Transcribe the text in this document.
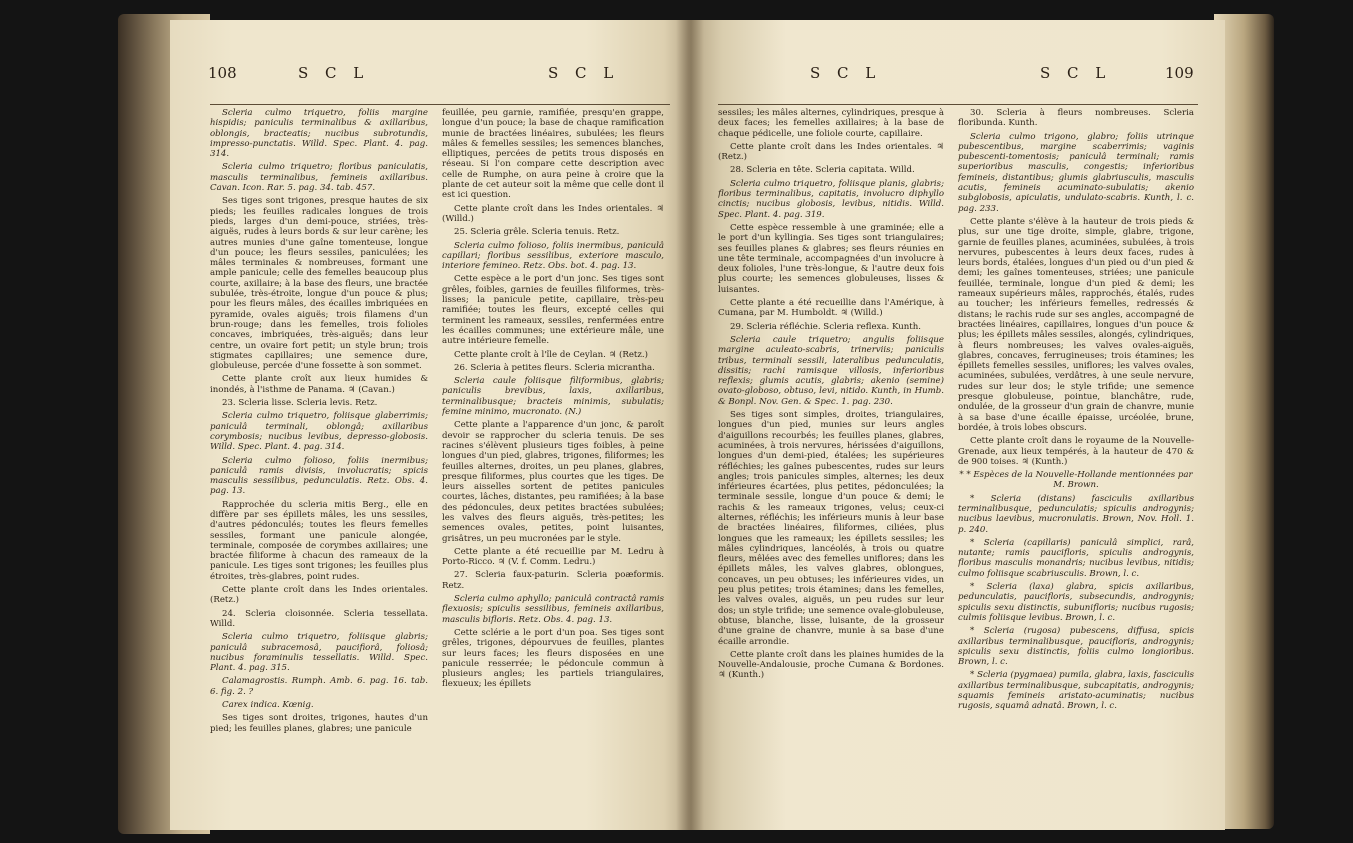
108	S C L	S C L

Scleria culmo triquetro, foliis margine hispidis; paniculis terminalibus & axillaribus, oblongis, bracteatis; nucibus subrotundis, impresso-punctatis. Willd. Spec. Plant. 4. pag. 314.

Scleria culmo triquetro; floribus paniculatis, masculis terminalibus, femineis axillaribus. Cavan. Icon. Rar. 5. pag. 34. tab. 457.

Ses tiges sont trigones, presque hautes de six pieds; les feuilles radicales longues de trois pieds, larges d'un demi-pouce, striées, très-aiguës, rudes à leurs bords & sur leur carène; les autres munies d'une gaîne tomenteuse, longue d'un pouce; les fleurs sessiles, paniculées; les mâles terminales & nombreuses, formant une ample panicule; celle des femelles beaucoup plus courte, axillaire; à la base des fleurs, une bractée subulée, très-étroite, longue d'un pouce & plus; pour les fleurs mâles, des écailles imbriquées en pyramide, ovales aiguës; trois filamens d'un brun-rouge; dans les femelles, trois folioles concaves, imbriquées, très-aiguës; dans leur centre, un ovaire fort petit; un style brun; trois stigmates capillaires; une semence dure, globuleuse, percée d'une fossette à son sommet.

Cette plante croît aux lieux humides & inondés, à l'isthme de Panama. ♃ (Cavan.)

23. Scleria lisse. Scleria levis. Retz.

Scleria culmo triquetro, foliisque glaberrimis; paniculâ terminali, oblongâ; axillaribus corymbosis; nucibus levibus, depresso-globosis. Willd. Spec. Plant. 4. pag. 314.

Scleria culmo folioso, foliis inermibus; paniculâ ramis divisis, involucratis; spicis masculis sessilibus, pedunculatis. Retz. Obs. 4. pag. 13.

Rapprochée du scleria mitis Berg., elle en diffère par ses épillets mâles, les uns sessiles, d'autres pédonculés; toutes les fleurs femelles sessiles, formant une panicule alongée, terminale, composée de corymbes axillaires; une bractée filiforme à chacun des rameaux de la panicule. Les tiges sont trigones; les feuilles plus étroites, très-glabres, point rudes.

Cette plante croît dans les Indes orientales. (Retz.)

24. Scleria cloisonnée. Scleria tessellata. Willd.

Scleria culmo triquetro, foliisque glabris; paniculâ subracemosâ, paucifiorâ, foliosâ; nucibus foraminulis tessellatis. Willd. Spec. Plant. 4. pag. 315.

Calamagrostis. Rumph. Amb. 6. pag. 16. tab. 6. fig. 2. ?

Carex indica. Kœnig.

Ses tiges sont droites, trigones, hautes d'un pied; les feuilles planes, glabres; une panicule

feuillée, peu garnie, ramifiée, presqu'en grappe, longue d'un pouce; la base de chaque ramification munie de bractées linéaires, subulées; les fleurs mâles & femelles sessiles; les semences blanches, elliptiques, percées de petits trous disposés en réseau. Si l'on compare cette description avec celle de Rumphe, on aura peine à croire que la plante de cet auteur soit la même que celle dont il est ici question.

Cette plante croît dans les Indes orientales. ♃ (Willd.)

25. Scleria grêle. Scleria tenuis. Retz.

Scleria culmo folioso, foliis inermibus, paniculâ capillari; floribus sessilibus, exteriore masculo, interiore femineo. Retz. Obs. bot. 4. pag. 13.

Cette espèce a le port d'un jonc. Ses tiges sont grêles, foibles, garnies de feuilles filiformes, très-lisses; la panicule petite, capillaire, très-peu ramifiée; toutes les fleurs, excepté celles qui terminent les rameaux, sessiles, renfermées entre les écailles communes; une extérieure mâle, une autre intérieure femelle.

Cette plante croît à l'île de Ceylan. ♃ (Retz.)

26. Scleria à petites fleurs. Scleria micrantha.

Scleria caule foliisque filiformibus, glabris; paniculis brevibus, laxis, axillaribus, terminalibusque; bracteis minimis, subulatis; femine minimo, mucronato. (N.)

Cette plante a l'apparence d'un jonc, & paroît devoir se rapprocher du scleria tenuis. De ses racines s'élèvent plusieurs tiges foibles, à peine longues d'un pied, glabres, trigones, filiformes; les feuilles alternes, droites, un peu planes, glabres, presque filiformes, plus courtes que les tiges. De leurs aisselles sortent de petites panicules courtes, lâches, distantes, peu ramifiées; à la base des pédoncules, deux petites bractées subulées; les valves des fleurs aiguës, très-petites; les semences ovales, petites, point luisantes, grisâtres, un peu mucronées par le style.

Cette plante a été recueillie par M. Ledru à Porto-Ricco. ♃ (V. f. Comm. Ledru.)

27. Scleria faux-paturin. Scleria poæformis. Retz.

Scleria culmo aphyllo; paniculâ contractâ ramis flexuosis; spiculis sessilibus, femineis axillaribus, masculis bifloris. Retz. Obs. 4. pag. 13.

Cette sclérie a le port d'un poa. Ses tiges sont grêles, trigones, dépourvues de feuilles, plantes sur leurs faces; les fleurs disposées en une panicule resserrée; le pédoncule commun à plusieurs angles; les partiels triangulaires, flexueux; les épillets

S C L	S C L	109

sessiles; les mâles alternes, cylindriques, presque à deux faces; les femelles axillaires; à la base de chaque pédicelle, une foliole courte, capillaire.

Cette plante croît dans les Indes orientales. ♃ (Retz.)

28. Scleria en tête. Scleria capitata. Willd.

Scleria culmo triquetro, foliisque planis, glabris; floribus terminalibus, capitatis, involucro diphyllo cinctis; nucibus globosis, levibus, nitidis. Willd. Spec. Plant. 4. pag. 319.

Cette espèce ressemble à une graminée; elle a le port d'un kyllingia. Ses tiges sont triangulaires; ses feuilles planes & glabres; ses fleurs réunies en une tête terminale, accompagnées d'un involucre à deux folioles, l'une très-longue, & l'autre deux fois plus courte; les semences globuleuses, lisses & luisantes.

Cette plante a été recueillie dans l'Amérique, à Cumana, par M. Humboldt. ♃ (Willd.)

29. Scleria réfléchie. Scleria reflexa. Kunth.

Scleria caule triquetro; angulis foliisque margine aculeato-scabris, trinerviis; paniculis tribus, terminali sessili, lateralibus pedunculatis, dissitis; rachi ramisque villosis, inferioribus reflexis; glumis acutis, glabris; akenio (semine) ovato-globoso, obtuso, levi, nitido. Kunth, in Humb. & Bonpl. Nov. Gen. & Spec. 1. pag. 230.

Ses tiges sont simples, droites, triangulaires, longues d'un pied, munies sur leurs angles d'aiguillons recourbés; les feuilles planes, glabres, acuminées, à trois nervures, hérissées d'aiguillons, longues d'un demi-pied, étalées; les supérieures réfléchies; les gaînes pubescentes, rudes sur leurs angles; trois panicules simples, alternes; les deux inférieures écartées, plus petites, pédonculées; la terminale sessile, longue d'un pouce & demi; le rachis & les rameaux trigones, velus; ceux-ci alternes, réfléchis; les inférieurs munis à leur base de bractées linéaires, filiformes, ciliées, plus longues que les rameaux; les épillets sessiles; les mâles cylindriques, lancéolés, à trois ou quatre fleurs, mêlées avec des femelles uniflores; dans les épillets mâles, les valves glabres, oblongues, concaves, un peu obtuses; les inférieures vides, un peu plus petites; trois étamines; dans les femelles, les valves ovales, aiguës, un peu rudes sur leur dos; un style trifide; une semence ovale-globuleuse, obtuse, blanche, lisse, luisante, de la grosseur d'une graine de chanvre, munie à sa base d'une écaille arrondie.

Cette plante croît dans les plaines humides de la Nouvelle-Andalousie, proche Cumana & Bordones. ♃ (Kunth.)

30. Scleria à fleurs nombreuses. Scleria floribunda. Kunth.

Scleria culmo trigono, glabro; foliis utrinque pubescentibus, margine scaberrimis; vaginis pubescenti-tomentosis; paniculâ terminali; ramis superioribus masculis, congestis; inferioribus femineis, distantibus; glumis glabriusculis, masculis acutis, femineis acuminato-subulatis; akenio subglobosis, apiculatis, undulato-scabris. Kunth, l. c. pag. 233.

Cette plante s'élève à la hauteur de trois pieds & plus, sur une tige droite, simple, glabre, trigone, garnie de feuilles planes, acuminées, subulées, à trois nervures, pubescentes à leurs deux faces, rudes à leurs bords, étalées, longues d'un pied ou d'un pied & demi; les gaînes tomenteuses, striées; une panicule feuillée, terminale, longue d'un pied & demi; les rameaux supérieurs mâles, rapprochés, étalés, rudes au toucher; les inférieurs femelles, redressés & distans; le rachis rude sur ses angles, accompagné de bractées linéaires, capillaires, longues d'un pouce & plus; les épillets mâles sessiles, alongés, cylindriques, à fleurs nombreuses; les valves ovales-aiguës, glabres, concaves, ferrugineuses; trois étamines; les épillets femelles sessiles, uniflores; les valves ovales, acuminées, subulées, verdâtres, à une seule nervure, rudes sur leur dos; le style trifide; une semence presque globuleuse, pointue, blanchâtre, rude, ondulée, de la grosseur d'un grain de chanvre, munie à sa base d'une écaille épaisse, urcéolée, brune, bordée, à trois lobes obscurs.

Cette plante croît dans le royaume de la Nouvelle-Grenade, aux lieux tempérés, à la hauteur de 470 & de 900 toises. ♃ (Kunth.)

* * Espèces de la Nouvelle-Hollande mentionnées par M. Brown.

* Scleria (distans) fasciculis axillaribus terminalibusque, pedunculatis; spiculis androgynis; nucibus laevibus, mucronulatis. Brown, Nov. Holl. 1. p. 240.

* Scleria (capillaris) paniculâ simplici, rarâ, nutante; ramis paucifloris, spiculis androgynis, floribus masculis monandris; nucibus levibus, nitidis; culmo foliisque scabriusculis. Brown, l. c.

* Scleria (laxa) glabra, spicis axillaribus, pedunculatis, paucifloris, subsecundis, androgynis; spiculis sexu distinctis, subunifloris; nucibus rugosis; culmis foliisque levibus. Brown, l. c.

* Scleria (rugosa) pubescens, diffusa, spicis axillaribus terminalibusque, paucifloris, androgynis; spiculis sexu distinctis, foliis culmo longioribus. Brown, l. c.

* Scleria (pygmaea) pumila, glabra, laxis, fasciculis axillaribus terminalibusque, subcapitatis, androgynis; squamis femineis aristato-acuminatis; nucibus rugosis, squamâ adnatâ. Brown, l. c.
